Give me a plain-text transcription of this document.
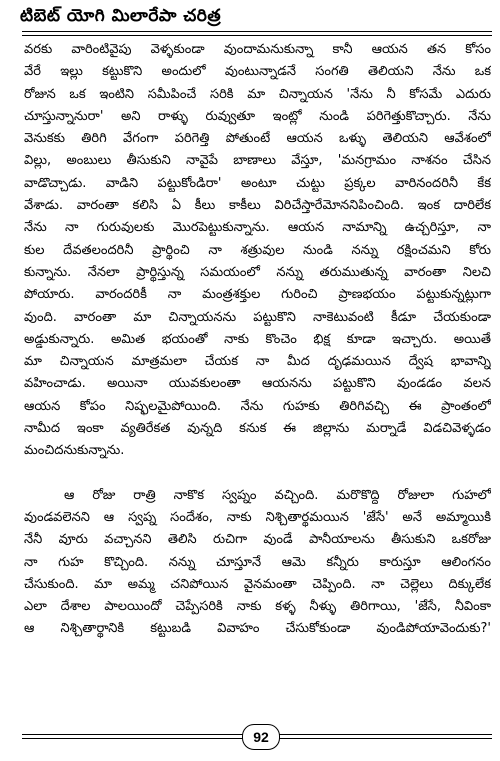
టిబెట్ యోగి మిలారేపా చరిత్ర
వరకు వారింటివైపు వెళ్ళకుండా వుందామనుకున్నా కానీ ఆయన తన కోసం
వేరే ఇల్లు కట్టుకొని అందులో వుంటున్నాడనే సంగతి తెలియని నేను ఒక
రోజున ఒక ఇంటిని సమీపించే సరికి మా చిన్నాయన 'నేను నీ కోసమే ఎదురు
చూస్తున్నానురా' అని రాళ్ళు రువ్వుతూ ఇంట్లో నుండి పరిగెత్తుకొచ్చారు. నేను
వెనుకకు తిరిగి వేగంగా పరిగెత్తి పోతుంటే ఆయన ఒళ్ళు తెలియని ఆవేశంలో
విల్లు, అంబులు తీసుకుని నావైపే బాణాలు వేస్తూ, 'మనగ్రామం నాశనం చేసిన
వాడొచ్చాడు. వాడిని పట్టుకోండిరా' అంటూ చుట్టు ప్రక్కల వారినందరినీ కేక
వేశాడు. వారంతా కలిసి ఏ కీలు కాకీలు విరిచేస్తారేమోననిపించింది. ఇంక దారిలేక
నేను నా గురువులకు మొరపెట్టుకున్నాను. ఆయన నామాన్ని ఉచ్చరిస్తూ, నా
కుల దేవతలందరినీ ప్రార్థించి నా శత్రువుల నుండి నన్ను రక్షించమని కోరు
కున్నాను. నేనలా ప్రార్థిస్తున్న సమయంలో నన్ను తరుముతున్న వారంతా నిలచి
పోయారు. వారందరికీ నా మంత్రశక్తుల గురించి ప్రాణభయం పట్టుకున్నట్లుగా
వుంది. వారంతా మా చిన్నాయనను పట్టుకొని నాకెటువంటి కీడూ చేయకుండా
అడ్డుకున్నారు. అమిత భయంతో నాకు కొంచెం భిక్ష కూడా ఇచ్చారు. అయితే
మా చిన్నాయన మాత్రమలా చేయక నా మీద దృఢమయిన ద్వేష భావాన్ని
వహించాడు. అయినా యువకులంతా ఆయనను పట్టుకొని వుండడం వలన
ఆయన కోపం నిష్ఫలమైపోయింది. నేను గుహకు తిరిగివచ్చి ఈ ప్రాంతంలో
నామీద ఇంకా వ్యతిరేకత వున్నది కనుక ఈ జిల్లాను మర్నాడే విడచివెళ్ళడం
మంచిదనుకున్నాను.
ఆ రోజు రాత్రి నాకొక స్వప్నం వచ్చింది. మరొకొద్ది రోజులా గుహలో
వుండవలెనని ఆ స్వప్న సందేశం, నాకు నిశ్చితార్థమయిన 'జేసే' అనే అమ్మాయికి
నేనీ వూరు వచ్చానని తెలిసి రుచిగా వుండే పానీయాలను తీసుకుని ఒకరోజు
నా గుహ కొచ్చింది. నన్ను చూస్తూనే ఆమె కన్నీరు కారుస్తూ ఆలింగనం
చేసుకుంది. మా అమ్మ చనిపోయిన వైనమంతా చెప్పింది. నా చెల్లెలు దిక్కులేక
ఎలా దేశాల పాలయిందో చెప్పేసరికి నాకు కళ్ళ నీళ్ళు తిరిగాయి, 'జేసే, నీవింకా
ఆ నిశ్చితార్థానికి కట్టుబడి వివాహం చేసుకోకుండా వుండిపోయావెందుకు?'
92
